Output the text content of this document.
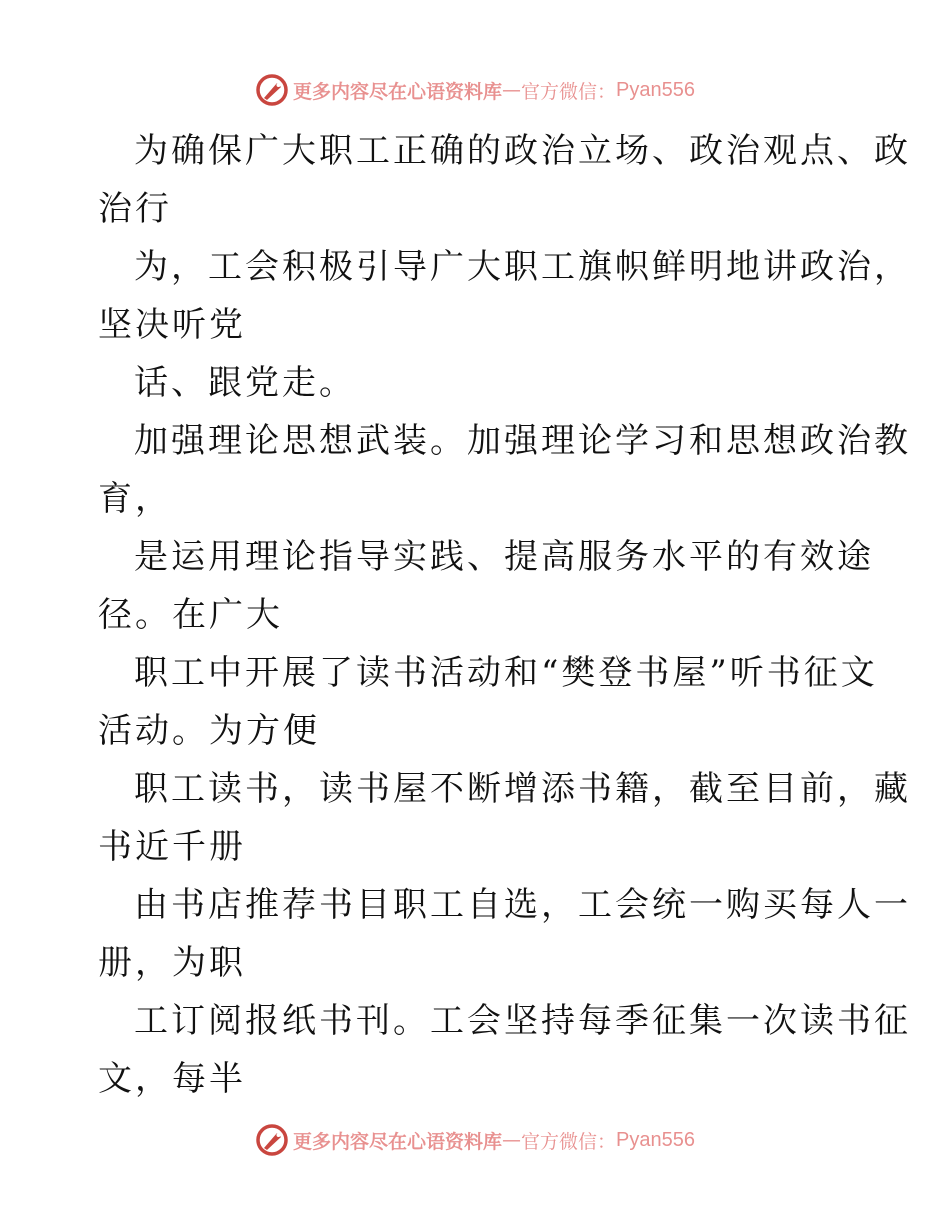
更多内容尽在心语资料库 — 官方微信： Pyan556
为确保广大职工正确的政治立场、政治观点、政
治行
为，工会积极引导广大职工旗帜鲜明地讲政治，
坚决听党
话、跟党走。
加强理论思想武装。加强理论学习和思想政治教
育，
是运用理论指导实践、提高服务水平的有效途
径。在广大
职工中开展了读书活动和“樊登书屋”听书征文
活动。为方便
职工读书，读书屋不断增添书籍，截至目前，藏
书近千册
由书店推荐书目职工自选，工会统一购买每人一
册，为职
工订阅报纸书刊。工会坚持每季征集一次读书征
文，每半
更多内容尽在心语资料库 — 官方微信： Pyan556
